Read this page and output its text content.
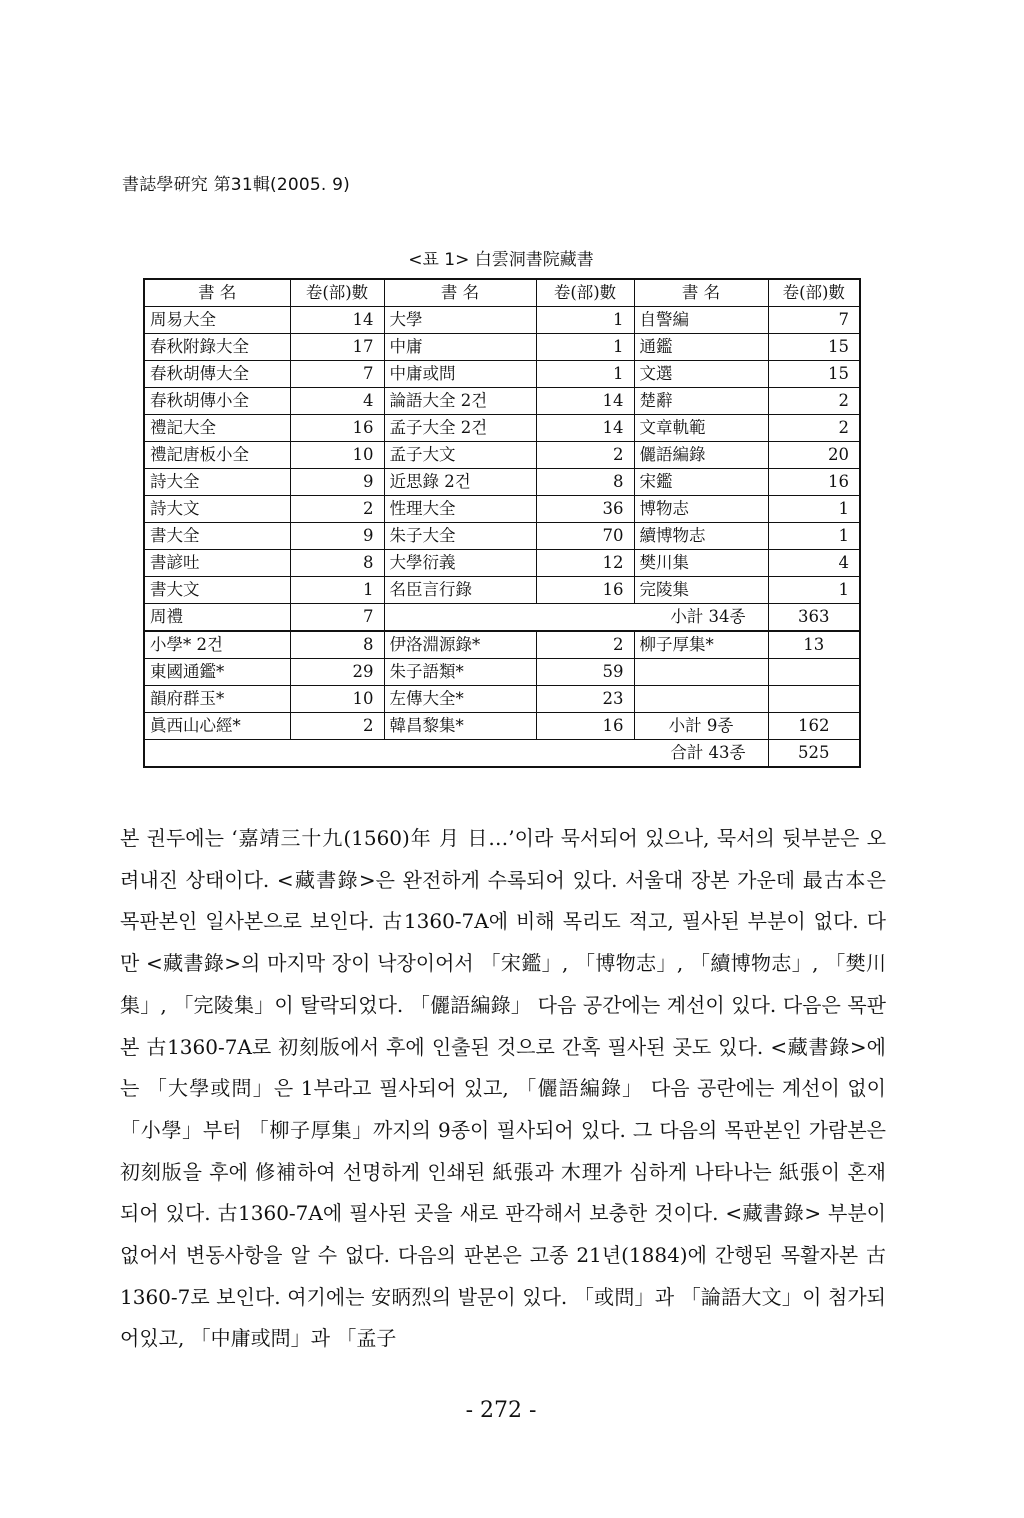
書誌學硏究 第31輯(2005. 9)
<표 1> 白雲洞書院藏書
書 名	卷(部)數	書 名	卷(部)數	書 名	卷(部)數
周易大全	14	大學	1	自警編	7
春秋附錄大全	17	中庸	1	通鑑	15
春秋胡傳大全	7	中庸或問	1	文選	15
春秋胡傳小全	4	論語大全 2건	14	楚辭	2
禮記大全	16	孟子大全 2건	14	文章軌範	2
禮記唐板小全	10	孟子大文	2	儷語編錄	20
詩大全	9	近思錄 2건	8	宋鑑	16
詩大文	2	性理大全	36	博物志	1
書大全	9	朱子大全	70	續博物志	1
書諺吐	8	大學衍義	12	樊川集	4
書大文	1	名臣言行錄	16	完陵集	1
周禮	7	小計 34종			363
小學* 2건	8	伊洛淵源錄*	2	柳子厚集*	13
東國通鑑*	29	朱子語類*	59		
韻府群玉*	10	左傳大全*	23		
眞西山心經*	2	韓昌黎集*	16	小計 9종	162
合計 43종					525
본 권두에는 ‘嘉靖三十九(1560)年 月 日…’이라 묵서되어 있으나, 묵서의 뒷부분은 오려내진 상태이다. <藏書錄>은 완전하게 수록되어 있다. 서울대 장본 가운데 最古本은 목판본인 일사본으로 보인다. 古1360-7A에 비해 목리도 적고, 필사된 부분이 없다. 다만 <藏書錄>의 마지막 장이 낙장이어서 「宋鑑」, 「博物志」, 「續博物志」, 「樊川集」, 「完陵集」이 탈락되었다. 「儷語編錄」 다음 공간에는 계선이 있다. 다음은 목판본 古1360-7A로 初刻版에서 후에 인출된 것으로 간혹 필사된 곳도 있다. <藏書錄>에는 「大學或問」은 1부라고 필사되어 있고, 「儷語編錄」 다음 공란에는 계선이 없이 「小學」부터 「柳子厚集」까지의 9종이 필사되어 있다. 그 다음의 목판본인 가람본은 初刻版을 후에 修補하여 선명하게 인쇄된 紙張과 木理가 심하게 나타나는 紙張이 혼재되어 있다. 古1360-7A에 필사된 곳을 새로 판각해서 보충한 것이다. <藏書錄> 부분이 없어서 변동사항을 알 수 없다. 다음의 판본은 고종 21년(1884)에 간행된 목활자본 古1360-7로 보인다. 여기에는 安昞烈의 발문이 있다. 「或問」과 「論語大文」이 첨가되어있고, 「中庸或問」과 「孟子
- 272 -
